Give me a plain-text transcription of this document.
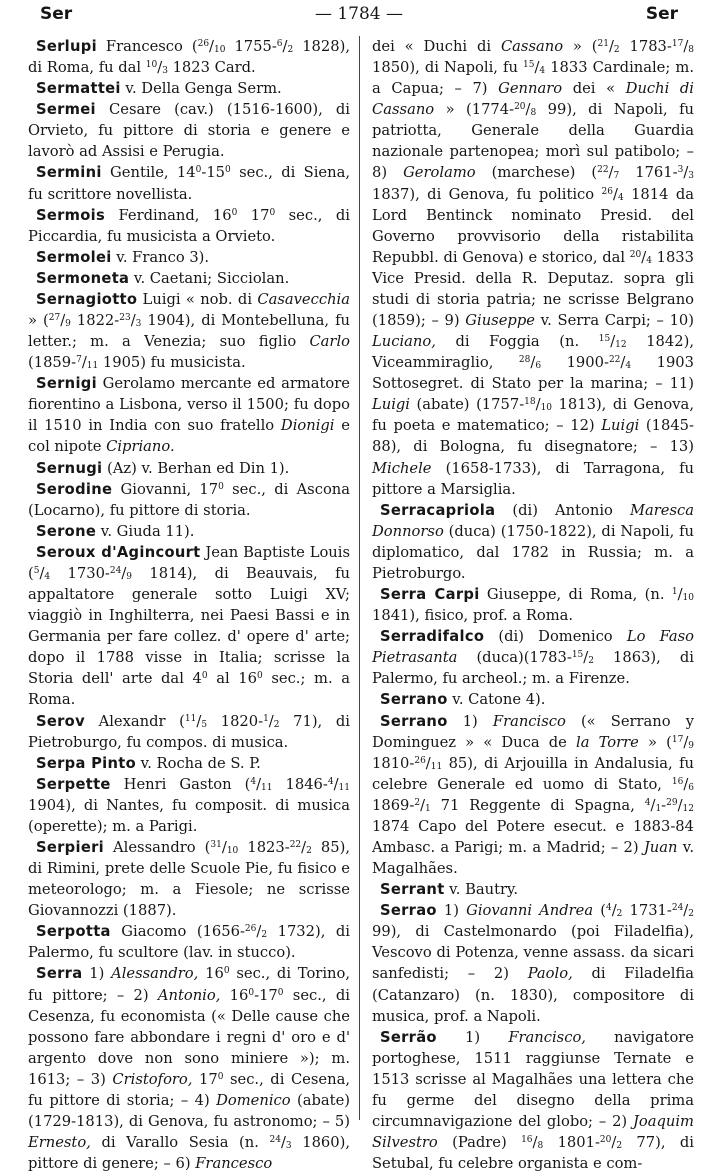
Ser	— 1784 —	Ser
Serlupi Francesco ($^{26}/_{10}$ $1755-^6/_2$ 1828), di Roma, fu dal $^{10}/_3$ 1823 Card.
Sermattei v. Della Genga Serm.
Sermei Cesare (cav.) (1516-1600), di Orvieto, fu pittore di storia e genere e lavorò ad Assisi e Perugia.
Sermini Gentile, $14^0-15^0$ sec., di Siena, fu scrittore novellista.
Sermois Ferdinand, $16^0$ $17^0$ sec., di Piccardia, fu musicista a Orvieto.
Sermolei v. Franco 3).
Sermoneta v. Caetani; Sicciolan.
Sernagiotto Luigi « nob. di Casavecchia » ($^{27}/_9$ $1822-^{23}/_3$ 1904), di Montebelluna, fu letter.; m. a Venezia; suo figlio Carlo ($1859-^7/_{11}$ 1905) fu musicista.
Sernigi Gerolamo mercante ed armatore fiorentino a Lisbona, verso il 1500; fu dopo il 1510 in India con suo fratello Dionigi e col nipote Cipriano.
Sernugi (Az) v. Berhan ed Din 1).
Serodine Giovanni, $17^0$ sec., di Ascona (Locarno), fu pittore di storia.
Serone v. Giuda 11).
Seroux d'Agincourt Jean Baptiste Louis ($^5/_4$ $1730-^{24}/_9$ 1814), di Beauvais, fu appaltatore generale sotto Luigi XV; viaggiò in Inghilterra, nei Paesi Bassi e in Germania per fare collez. d' opere d' arte; dopo il 1788 visse in Italia; scrisse la Storia dell' arte dal $4^0$ al $16^0$ sec.; m. a Roma.
Serov Alexandr ($^{11}/_5$ $1820-^1/_2$ 71), di Pietroburgo, fu compos. di musica.
Serpa Pinto v. Rocha de S. P.
Serpette Henri Gaston ($^4/_{11}$ $1846-^4/_{11}$ 1904), di Nantes, fu composit. di musica (operette); m. a Parigi.
Serpieri Alessandro ($^{31}/_{10}$ $1823-^{22}/_2$ 85), di Rimini, prete delle Scuole Pie, fu fisico e meteorologo; m. a Fiesole; ne scrisse Giovannozzi (1887).
Serpotta Giacomo ($1656-^{26}/_2$ 1732), di Palermo, fu scultore (lav. in stucco).
Serra 1) Alessandro, $16^0$ sec., di Torino, fu pittore; – 2) Antonio, $16^0-17^0$ sec., di Cesenza, fu economista (« Delle cause che possono fare abbondare i regni d' oro e d' argento dove non sono miniere »); m. 1613; – 3) Cristoforo, $17^0$ sec., di Cesena, fu pittore di storia; – 4) Domenico (abate) (1729-1813), di Genova, fu astronomo; – 5) Ernesto, di Varallo Sesia (n. $^{24}/_3$ 1860), pittore di genere; – 6) Francesco
dei « Duchi di Cassano » ($^{21}/_2$ $1783-^{17}/_8$ 1850), di Napoli, fu $^{15}/_4$ 1833 Cardinale; m. a Capua; – 7) Gennaro dei « Duchi di Cassano » ($1774-^{20}/_8$ 99), di Napoli, fu patriotta, Generale della Guardia nazionale partenopea; morì sul patibolo; – 8) Gerolamo (marchese) ($^{22}/_7$ $1761-^3/_3$ 1837), di Genova, fu politico $^{26}/_4$ 1814 da Lord Bentinck nominato Presid. del Governo provvisorio della ristabilita Repubbl. di Genova) e storico, dal $^{20}/_4$ 1833 Vice Presid. della R. Deputaz. sopra gli studi di storia patria; ne scrisse Belgrano (1859); – 9) Giuseppe v. Serra Carpi; – 10) Luciano, di Foggia (n. $^{15}/_{12}$ 1842), Viceammiraglio, $^{28}/_6$ $1900-^{22}/_4$ 1903 Sottosegret. di Stato per la marina; – 11) Luigi (abate) ($1757-^{18}/_{10}$ 1813), di Genova, fu poeta e matematico; – 12) Luigi (1845-88), di Bologna, fu disegnatore; – 13) Michele (1658-1733), di Tarragona, fu pittore a Marsiglia.
Serracapriola (di) Antonio Maresca Donnorso (duca) (1750-1822), di Napoli, fu diplomatico, dal 1782 in Russia; m. a Pietroburgo.
Serra Carpi Giuseppe, di Roma, (n. $^1/_{10}$ 1841), fisico, prof. a Roma.
Serradifalco (di) Domenico Lo Faso Pietrasanta $(duca)(1783-^{15}/_2$ 1863), di Palermo, fu archeol.; m. a Firenze.
Serrano v. Catone 4).
Serrano 1) Francisco (« Serrano y Dominguez » « Duca de la Torre » ($^{17}/_9$ $1810-^{26}/_{11}$ 85), di Arjouilla in Andalusia, fu celebre Generale ed uomo di Stato, $^{16}/_6$ $1869-^2/_1$ 71 Reggente di Spagna, $^4/_1-^{29}/_{12}$ 1874 Capo del Potere esecut. e 1883-84 Ambasc. a Parigi; m. a Madrid; – 2) Juan v. Magalhães.
Serrant v. Bautry.
Serrao 1) Giovanni Andrea ($^4/_2$ $1731-^{24}/_2$ 99), di Castelmonardo (poi Filadelfia), Vescovo di Potenza, venne assass. da sicari sanfedisti; – 2) Paolo, di Filadelfia (Catanzaro) (n. 1830), compositore di musica, prof. a Napoli.
Serrão 1) Francisco, navigatore portoghese, 1511 raggiunse Ternate e 1513 scrisse al Magalhães una lettera che fu germe del disegno della prima circumnavigazione del globo; – 2) Joaquim Silvestro (Padre) $^{16}/_8$ $1801-^{20}/_2$ 77), di Setubal, fu celebre organista e com-
